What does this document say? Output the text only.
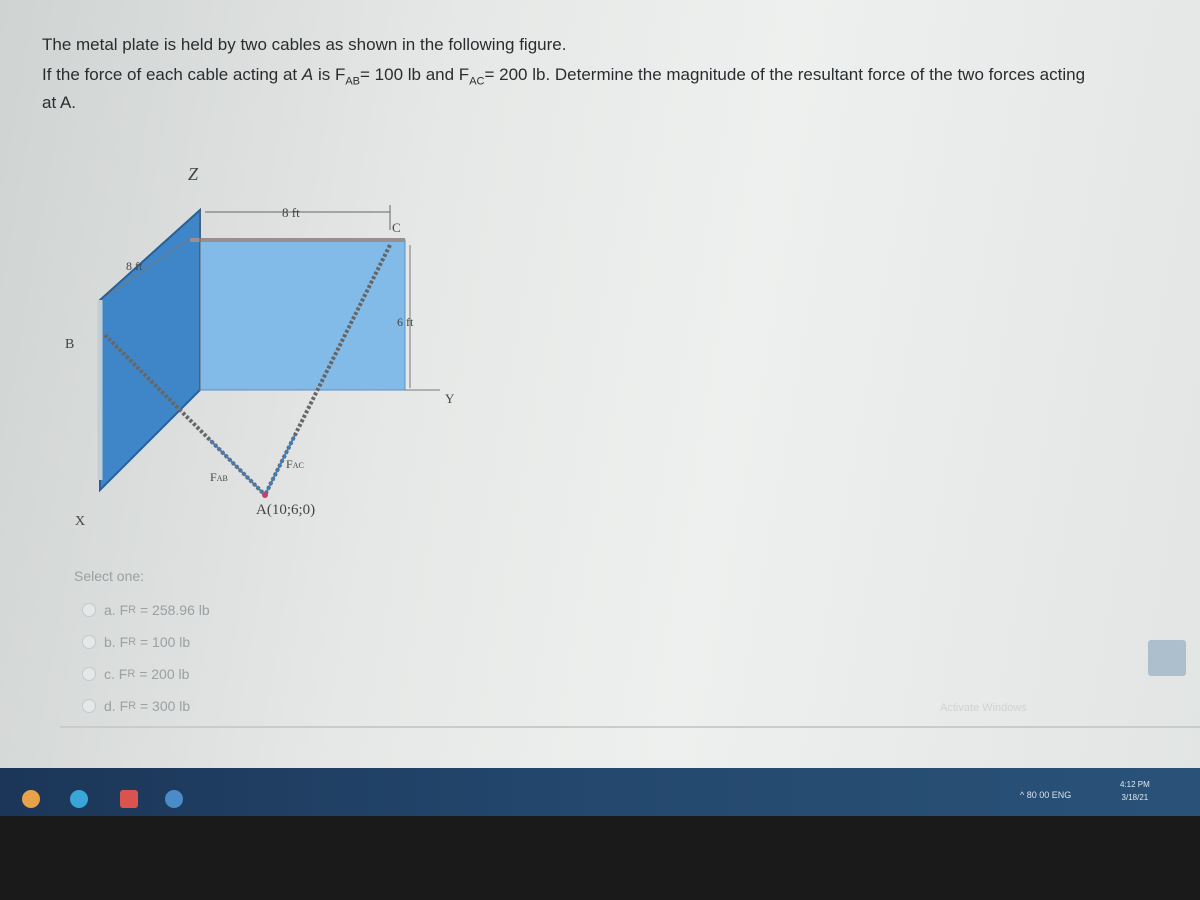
The metal plate is held by two cables as shown in the following figure.

If the force of each cable acting at A is $F_{AB}= 100$ lb and $F_{AC}= 200$ lb. Determine the magnitude of the resultant force of the two forces acting

at A.

Z
X
Y
B
C
8 ft
8 ft
6 ft
FAB
FAC
A(10;6;0)
Select one:
a.
F R
= 258.96 lb
b.
F R
= 100 lb
c.
F R
= 200 lb
d.
F R
= 300 lb	Activate Windows
^ 80 00 ENG
4:12 PM
3/18/21
